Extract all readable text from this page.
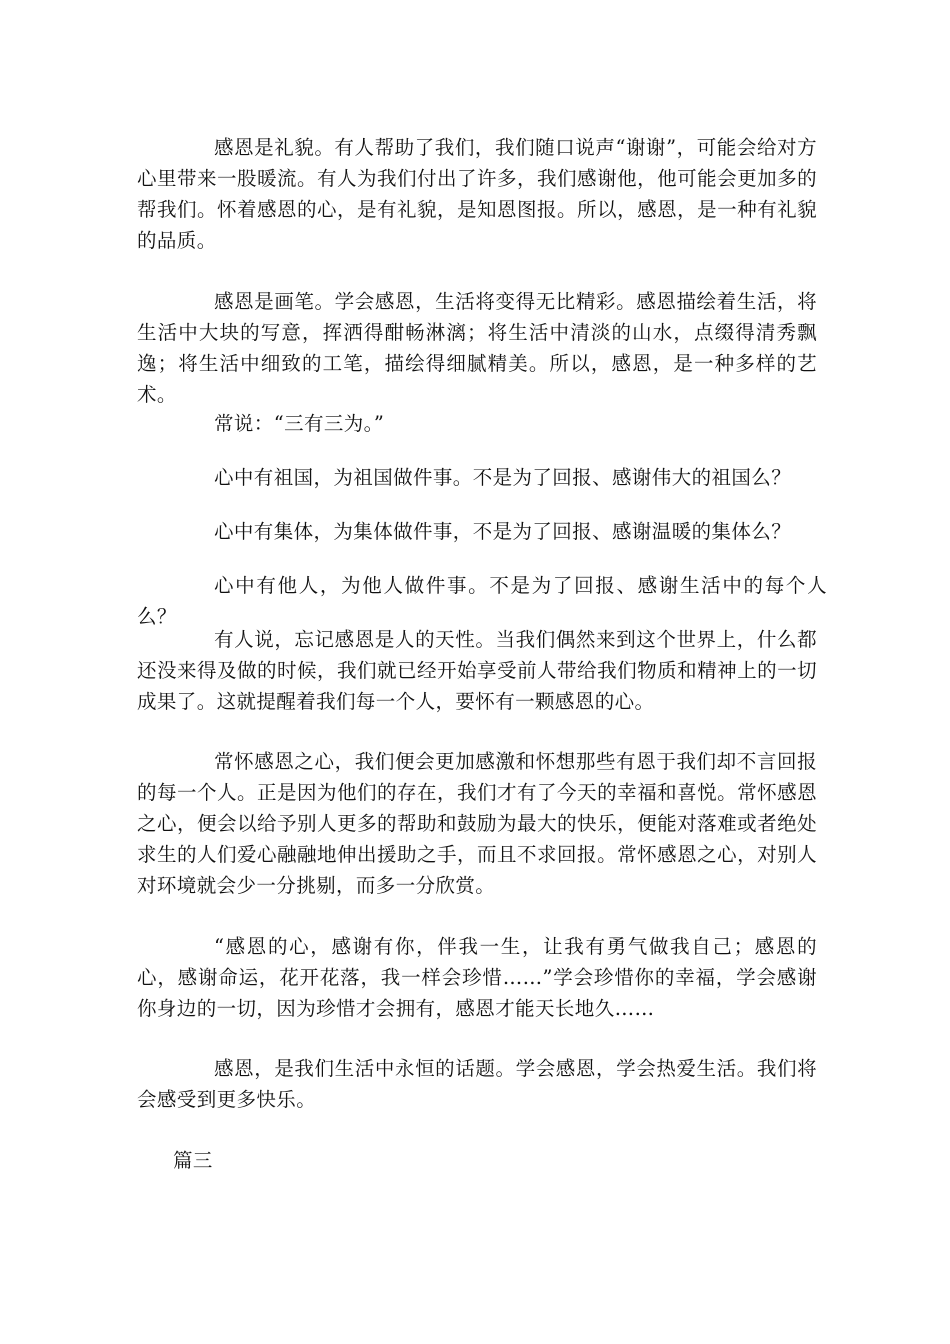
感恩是礼貌。有人帮助了我们，我们随口说声“谢谢”，可能会给对方心里带来一股暖流。有人为我们付出了许多，我们感谢他，他可能会更加多的帮我们。怀着感恩的心，是有礼貌，是知恩图报。所以，感恩，是一种有礼貌的品质。

感恩是画笔。学会感恩，生活将变得无比精彩。感恩描绘着生活，将生活中大块的写意，挥洒得酣畅淋漓；将生活中清淡的山水，点缀得清秀飘逸；将生活中细致的工笔，描绘得细腻精美。所以，感恩，是一种多样的艺术。

常说：“三有三为。”

心中有祖国，为祖国做件事。不是为了回报、感谢伟大的祖国么？

心中有集体，为集体做件事，不是为了回报、感谢温暖的集体么？

心中有他人，为他人做件事。不是为了回报、感谢生活中的每个人么？

有人说，忘记感恩是人的天性。当我们偶然来到这个世界上，什么都还没来得及做的时候，我们就已经开始享受前人带给我们物质和精神上的一切成果了。这就提醒着我们每一个人，要怀有一颗感恩的心。

常怀感恩之心，我们便会更加感激和怀想那些有恩于我们却不言回报的每一个人。正是因为他们的存在，我们才有了今天的幸福和喜悦。常怀感恩之心，便会以给予别人更多的帮助和鼓励为最大的快乐，便能对落难或者绝处求生的人们爱心融融地伸出援助之手，而且不求回报。常怀感恩之心，对别人对环境就会少一分挑剔，而多一分欣赏。

“感恩的心，感谢有你，伴我一生，让我有勇气做我自己；感恩的心，感谢命运，花开花落，我一样会珍惜……”学会珍惜你的幸福，学会感谢你身边的一切，因为珍惜才会拥有，感恩才能天长地久……

感恩，是我们生活中永恒的话题。学会感恩，学会热爱生活。我们将会感受到更多快乐。

篇三
